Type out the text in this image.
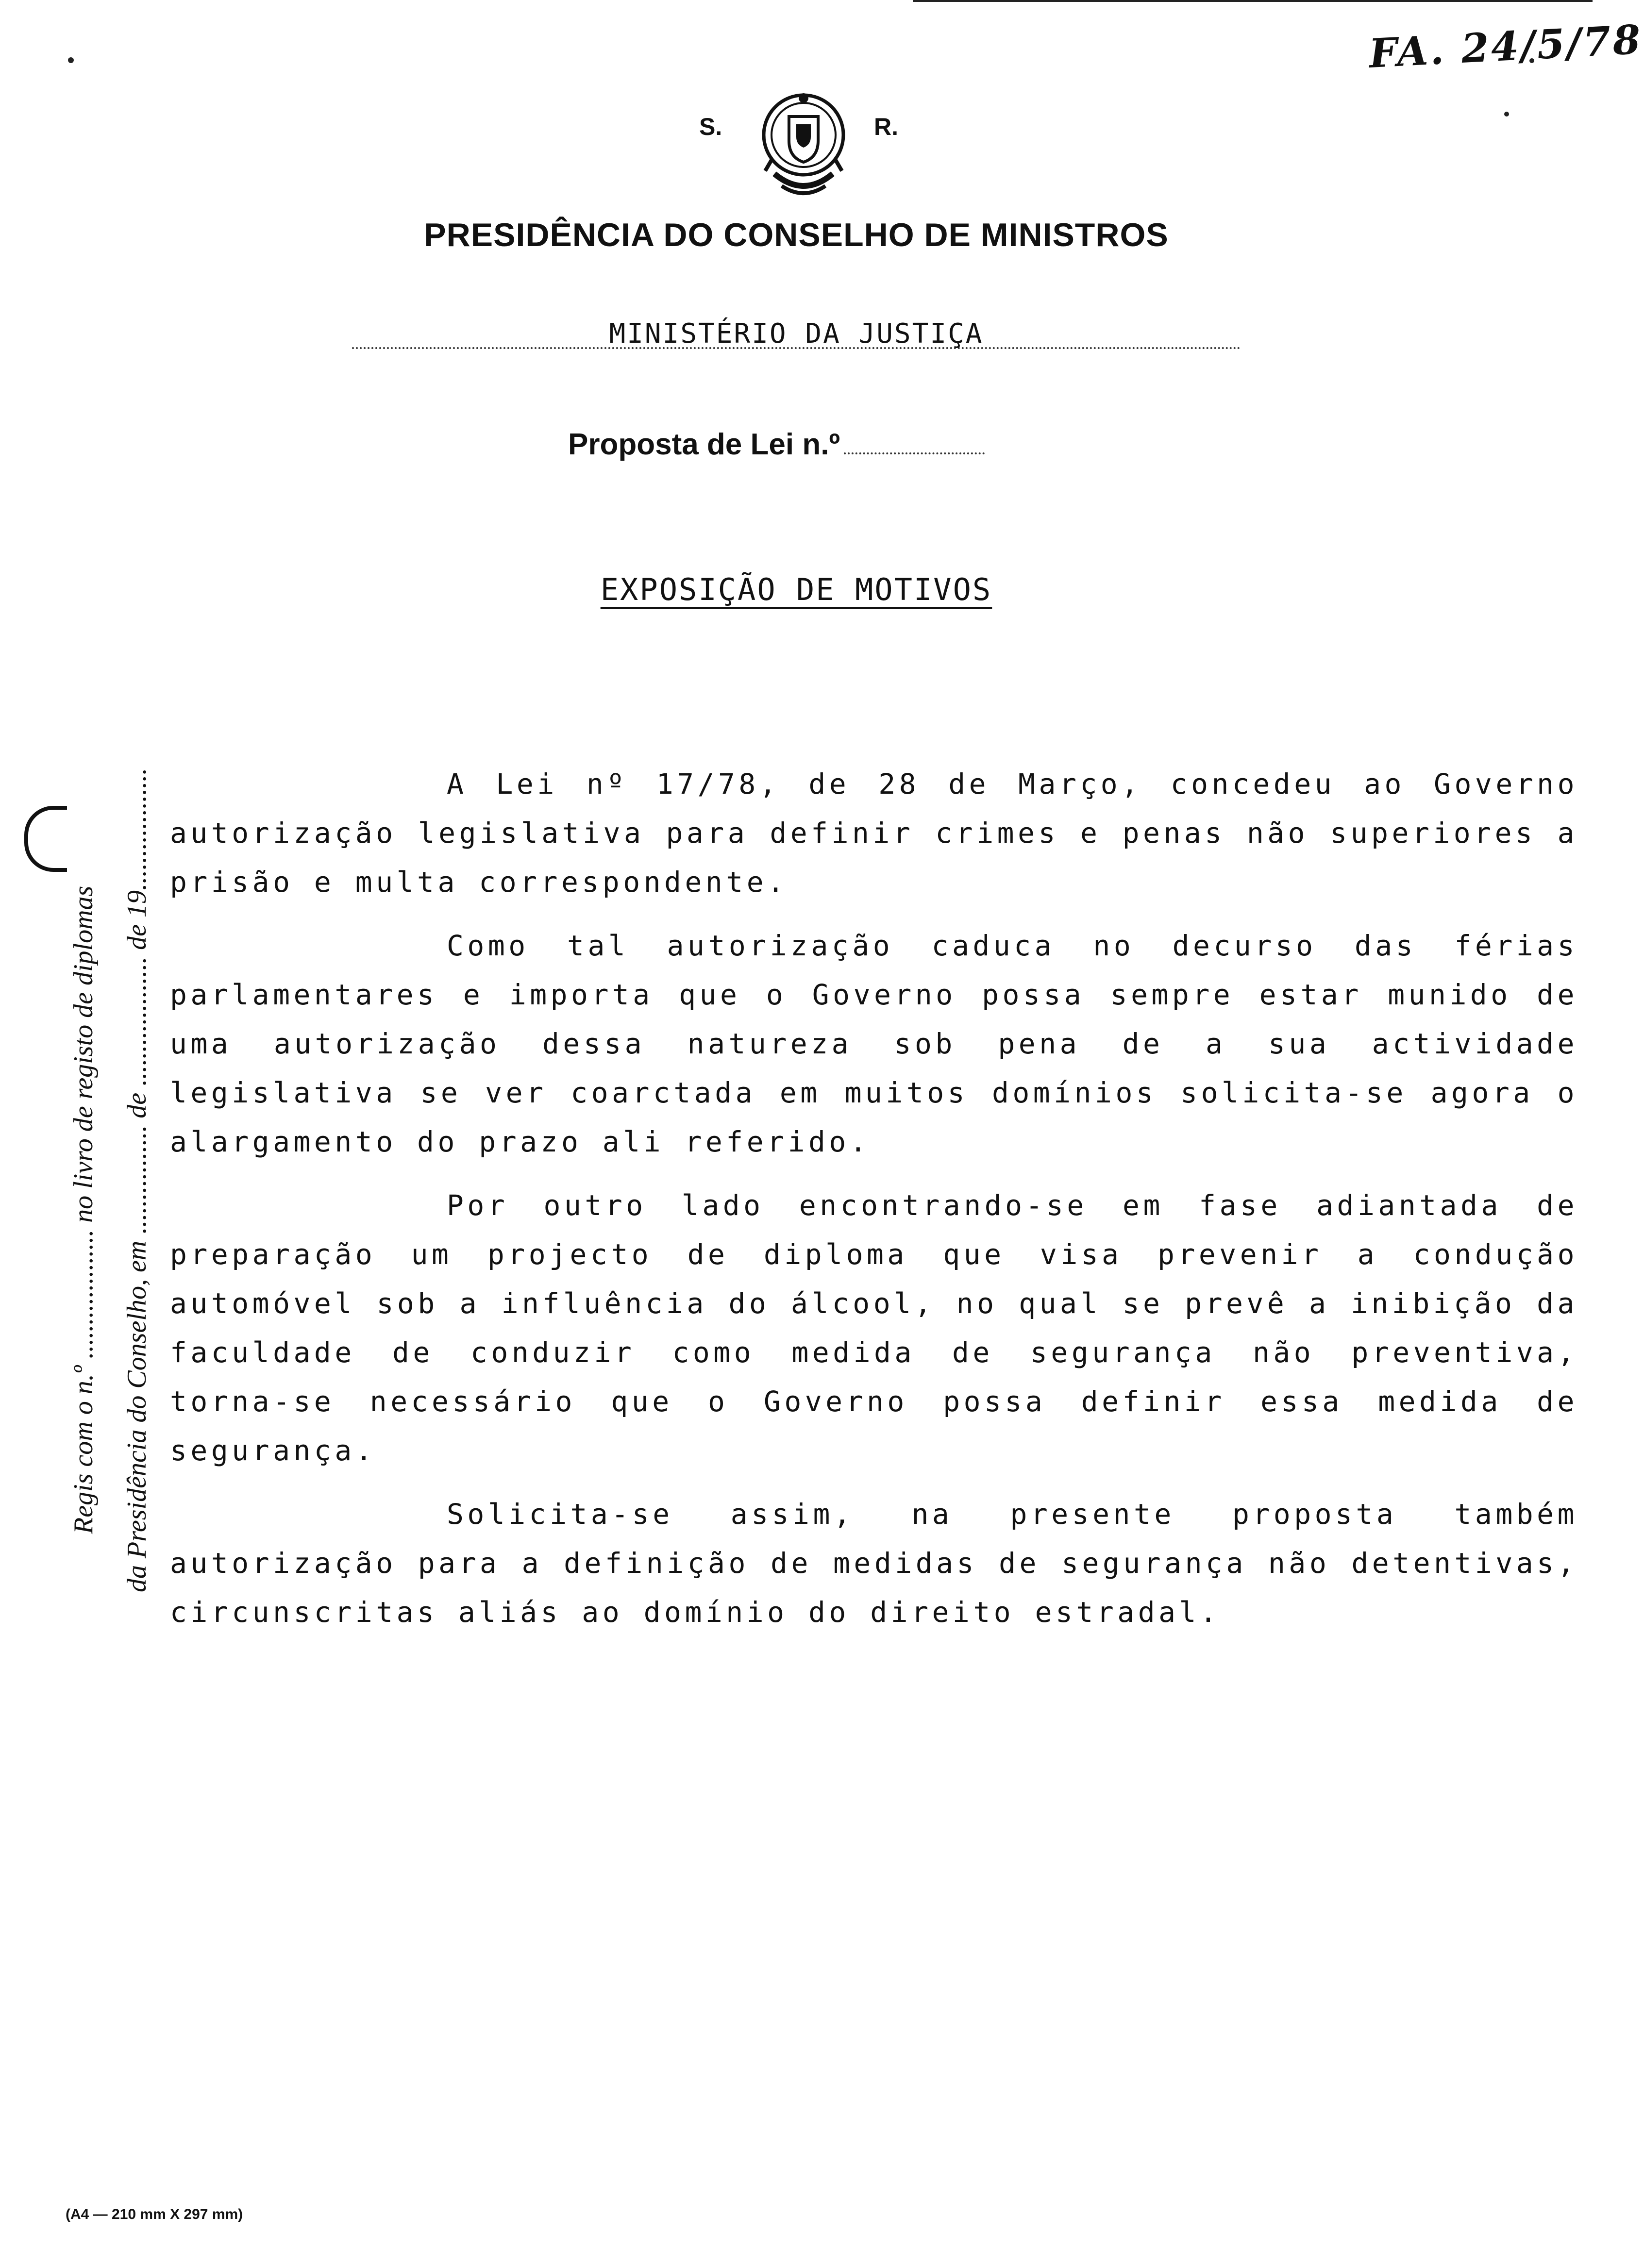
FA. 24/5/78
S.	R.
PRESIDÊNCIA DO CONSELHO DE MINISTROS
MINISTÉRIO DA JUSTIÇA
Proposta de Lei n.º
EXPOSIÇÃO DE MOTIVOS
Regis com o n.º ................... no livro de registo de diplomas da Presidência do Conselho, em ................ de ................... de 19..................	A Lei nº 17/78, de 28 de Março, concedeu ao Governo autorização legislativa para definir crimes e penas não superiores a prisão e multa correspondente.

Como tal autorização caduca no decurso das férias parlamentares e importa que o Governo possa sempre estar munido de uma autorização dessa natureza sob pena de a sua actividade legislativa se ver coarctada em muitos domínios solicita-se agora o alargamento do prazo ali referido.

Por outro lado encontrando-se em fase adiantada de preparação um projecto de diploma que visa prevenir a condução automóvel sob a influência do álcool, no qual se prevê a inibição da faculdade de conduzir como medida de segurança não preventiva, torna-se necessário que o Governo possa definir essa medida de segurança.

Solicita-se assim, na presente proposta também autorização para a definição de medidas de segurança não detentivas, circunscritas aliás ao domínio do direito estradal.

(A4 — 210 mm X 297 mm)
